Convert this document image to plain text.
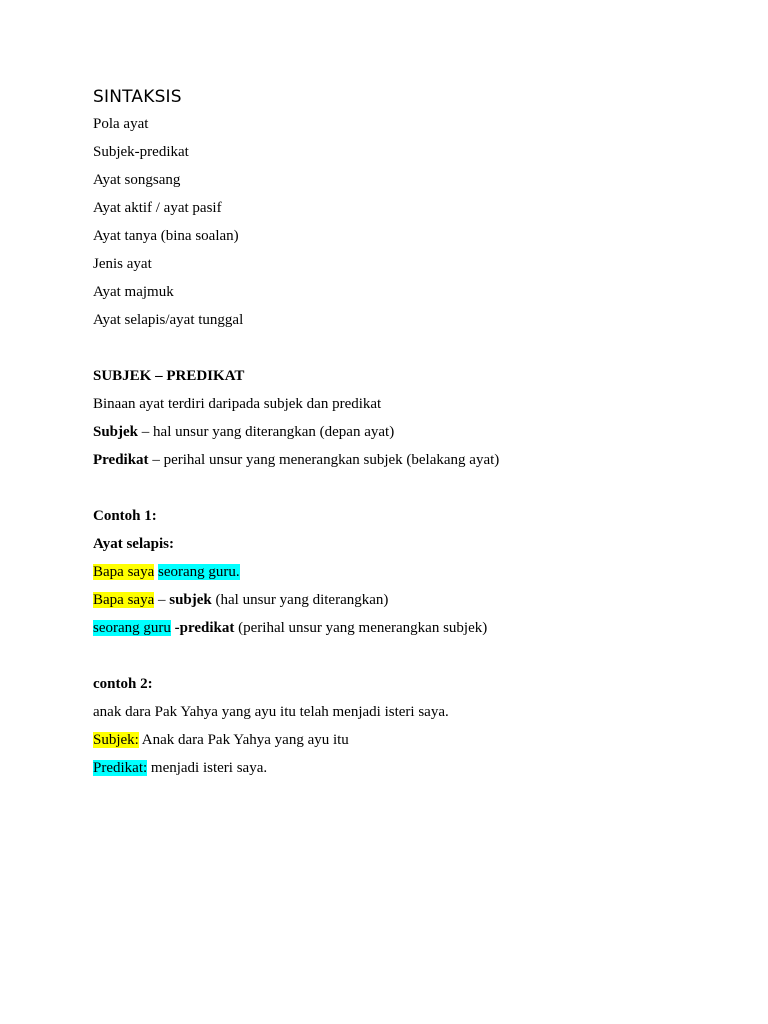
SINTAKSIS

Pola ayat

Subjek-predikat

Ayat songsang

Ayat aktif / ayat pasif

Ayat tanya (bina soalan)

Jenis ayat

Ayat majmuk

Ayat selapis/ayat tunggal

SUBJEK – PREDIKAT

Binaan ayat terdiri daripada subjek dan predikat

Subjek – hal unsur yang diterangkan (depan ayat)

Predikat – perihal unsur yang menerangkan subjek (belakang ayat)

Contoh 1:

Ayat selapis:

Bapa saya seorang guru.

Bapa saya – subjek (hal unsur yang diterangkan)

seorang guru -predikat (perihal unsur yang menerangkan subjek)

contoh 2:

anak dara Pak Yahya yang ayu itu telah menjadi isteri saya.

Subjek: Anak dara Pak Yahya yang ayu itu

Predikat: menjadi isteri saya.
